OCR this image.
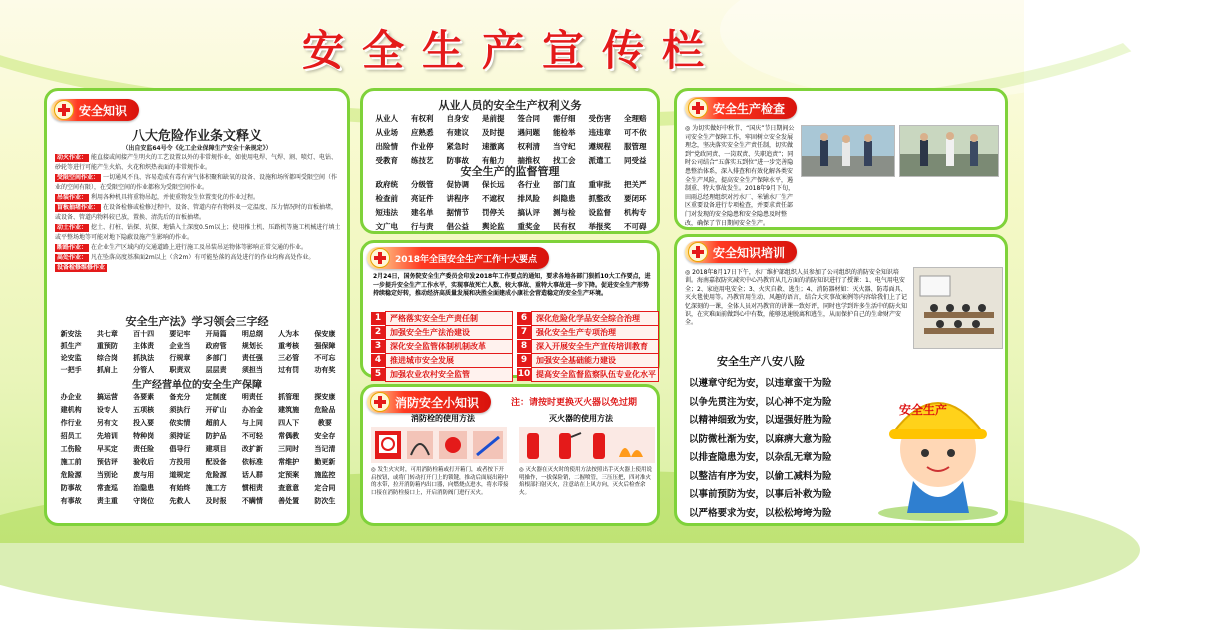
安全生产宣传栏
安全知识
八大危险作业条文释义
（出自安监64号令《化工企业保障生产安全十条规定》）
动火作业： 能直接或间接产生明火的工艺设置以外的非常规作业，如使用电焊、气焊、割、喷灯、电钻、砂轮等进行可能产生火焰、火花和炽热表面的非常规作业。
受限空间作业： 一切通风不良、容易造成有毒有害气体积聚和缺氧的设备、设施和场所都叫受限空间（作业的空间有限），在受限空间的作业都称为受限空间作业。
吊装作业： 利用各种机具将重物吊起，并使重物发生位置变化的作业过程。
盲板抽堵作业： 在设备检修或检修过程中，设备、管道内存有物料及一定温度、压力情况时的盲板抽堵，或设备、管道内物料较已放，置换、清洗后的盲板抽堵。
动土作业： 挖土、打桩、钻探、坑探、地锚入土深度0.5m以上；使用推土机、压路机等施工机械进行填土或平整场地等可能对地下隐蔽设施产生影响的作业。
断路作业： 在企业生产区域内的交通道路上进行施工及吊装吊运物体等影响正常交通的作业。
高处作业： 凡在坠落高度基准面2m以上（含2m）有可能坠落的高处进行的作业均称高处作业。
设备检修维修作业
安全生产法》学习领会三字经
新安法	共七章	百十四	要记牢	开局篇	明总纲	人为本	保安康
抓生产	重预防	主体责	企业当	政府管	规划长	重考核	强保障
论安监	综合岗	抓执法	行规章	多部门	责任强	三必管	不可忘
一把手	抓肩上	分管人	职责双	层层责	须担当	过有罚	功有奖
生产经营单位的安全生产保障
办企业	搞运营	各要素	备充分	定制度	明责任	抓管理	探安康
建机构	设专人	五项核	须执行	开矿山	办冶金	建筑施	危险品
作行业	另有文	投入要	依实情	超前人	与上同	四人下	教要
招员工	先培训	特种岗	须持证	防护品	不可轻	常偶教	安全存
工伤险	早买定	责任险	倡导行	建项目	改扩新	三同时	当记清
施工前	预估评	验收后	方投用	配设备	依标准	常维护	勤更新
危险源	当别论	废与用	道规定	危险源	话人群	定预案	施监控
防事故	常查巡	治隐患	有始终	施工方	惯相责	查意意	定合同
有事故	责主重	守岗位	先救人	及时报	不瞒情	善处置	防次生
从业人员的安全生产权利义务
从业人	有权利	自身安	是前提	签合同	需仔细	受伤害	全理赔
从业场	应熟悉	有建议	及时提	遇问题	能检举	违违章	可不依
出险情	作业停	紧急时	速撤离	权利清	当守纪	遵规程	服管理
受教育	练技艺	防事故	有船力	揣推权	找工会	派遣工	同受益
安全生产的监督管理
政府统	分级管	促协调	保长远	各行业	部门直	重审批	把关严
检查前	亮证件	讲程序	不遮权	排风险	纠隐患	抓整改	要闭环
短违法	建名单	据情节	罚停关	搞认评	测与检	设监督	机构专
文广电	行与责	倡公益	舆论监	重奖金	民有权	举报奖	不可碍
2018年全国安全生产工作十大要点
2月24日，国务院安全生产委员会印发2018年工作要点的通知，要求各地各部门狠抓10大工作要点，进一步提升安全生产工作水平，实现事故死亡人数、较大事故、重特大事故进一步下降。促进安全生产形势持续稳定好转，推动经济高质量发展和决胜全面建成小康社会营造稳定的安全生产环境。
1	严格落实安全生产责任制
2	加强安全生产法治建设
3	深化安全监管体制机制改革
4	推进城市安全发展
5	加强农业农村安全监管
6	深化危险化学品安全综合治理
7	强化安全生产专项治理
8	深入开展安全生产宣传培训教育
9	加强安全基础能力建设
10 提高安全监督监察队伍专业化水平
消防安全小知识	注：请按时更换灭火器以免过期
消防栓的使用方法	灭火器的使用方法
◎ 发生火灾时，可用消防栓箱或打开箱门，或者按下开启按钮，或将门转动打开门上的锁键，推动后面展出箱中的水带，拉开消防箱内出口器，向燃烧点进水，将水带接口接在消防栓接口上，开启消防阀门进行灭火。
◎ 灭火器在灭火时的使用方法按照出手灭火器上使用说明操作，一拔保险销，二握喷管，三压压把，四对准火焰根部扫射灭火，注意站在上风方向，灭火后检查余火。
安全生产检查
◎ 为切实做好中秋节、“国庆”节日期间公司安全生产保障工作，牢固树立安全发展理念，坚决落实安全生产责任制，切实做到“党政同责、一岗双责、失职追责”；同时公司结合“五落实五到位”进一步完善隐患整治体系，深入排查和有效化解各类安全生产风险，提高安全生产保障水平，遏制重、特大事故发生。2018年9月下旬，田雨总经理组织对污水厂、米铺水厂生产区重要设备进行专项检查，并要求责任部门对发现的安全隐患和安全隐患及时整改，确保了节日期间安全生产。
安全知识培训
◎ 2018年8月17日下午，水厂维护部组织人员参加了公司组织的消防安全知识培训。海南嘉叙防灾减灾中心冯教官从几方面的消防知识进行了授课：1、电气用电安全；2、家庭用电安全；3、火灾自救、逃生；4、消防器材如：灭火器、防毒面具、灭火毯使用等。冯教官用生动、风趣的语言，结合大灾事故案例等内容给我们上了记忆深刻的一课，全体人员对冯教官的讲课一致好评，同时也学到许多生活中的防火知识，在灾难面前做到心中有数，能够迅速脱离和逃生，从而保护自己的生命财产安全。
安全生产八安八险
以遵章守纪为安，以违章蛮干为险
以争先贯注为安，以心神不定为险
以精神细致为安，以逞强好胜为险
以防微杜渐为安，以麻痹大意为险
以排查隐患为安，以杂乱无章为险
以整洁有序为安，以偷工减料为险
以事前预防为安，以事后补救为险
以严格要求为安，以松松垮垮为险
安全生产
